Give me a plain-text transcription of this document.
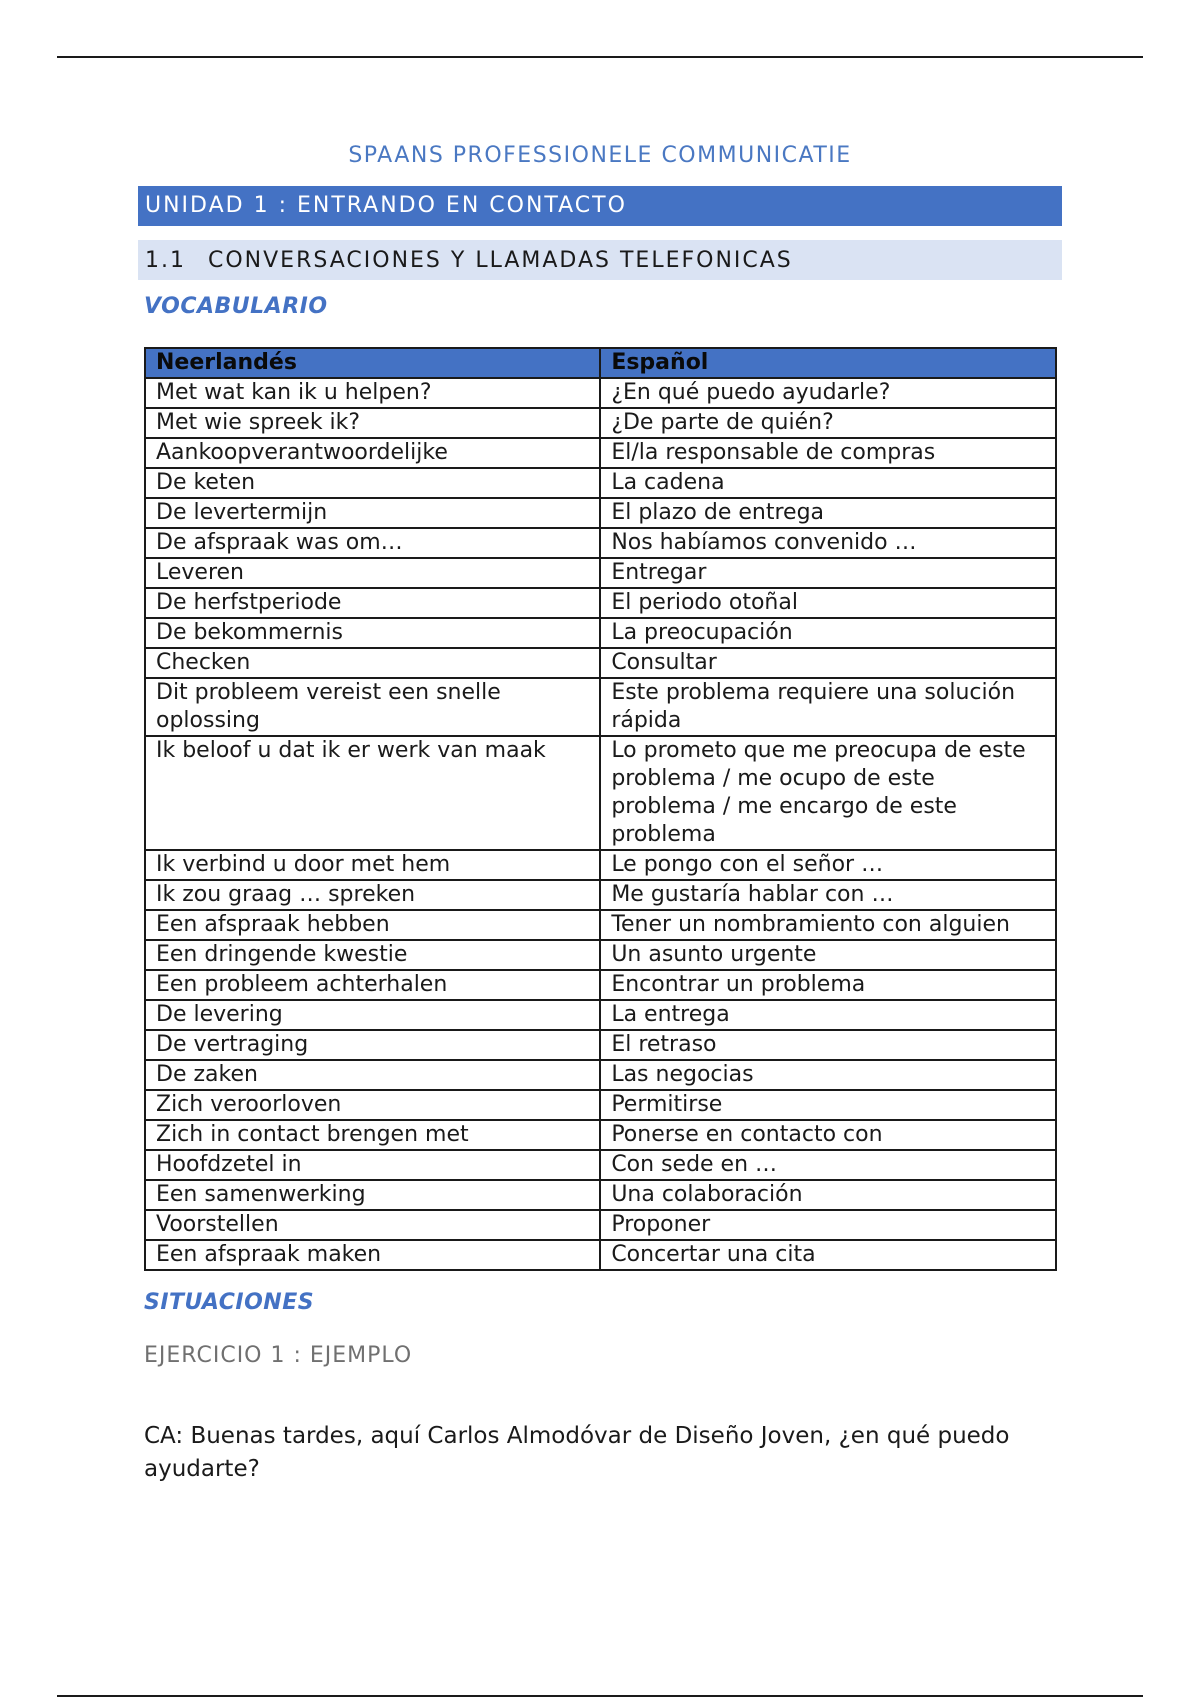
SPAANS PROFESSIONELE COMMUNICATIE
UNIDAD 1 : ENTRANDO EN CONTACTO
1.1 CONVERSACIONES Y LLAMADAS TELEFONICAS
VOCABULARIO
Neerlandés	Español
Met wat kan ik u helpen?	¿En qué puedo ayudarle?
Met wie spreek ik?	¿De parte de quién?
Aankoopverantwoordelijke	El/la responsable de compras
De keten	La cadena
De levertermijn	El plazo de entrega
De afspraak was om…	Nos habíamos convenido …
Leveren	Entregar
De herfstperiode	El periodo otoñal
De bekommernis	La preocupación
Checken	Consultar
Dit probleem vereist een snelle oplossing	Este problema requiere una solución rápida
Ik beloof u dat ik er werk van maak	Lo prometo que me preocupa de este problema / me ocupo de este problema / me encargo de este problema
Ik verbind u door met hem	Le pongo con el señor …
Ik zou graag … spreken	Me gustaría hablar con …
Een afspraak hebben	Tener un nombramiento con alguien
Een dringende kwestie	Un asunto urgente
Een probleem achterhalen	Encontrar un problema
De levering	La entrega
De vertraging	El retraso
De zaken	Las negocias
Zich veroorloven	Permitirse
Zich in contact brengen met	Ponerse en contacto con
Hoofdzetel in	Con sede en …
Een samenwerking	Una colaboración
Voorstellen	Proponer
Een afspraak maken	Concertar una cita
SITUACIONES
EJERCICIO 1 : EJEMPLO
CA: Buenas tardes, aquí Carlos Almodóvar de Diseño Joven, ¿en qué puedo ayudarte?
